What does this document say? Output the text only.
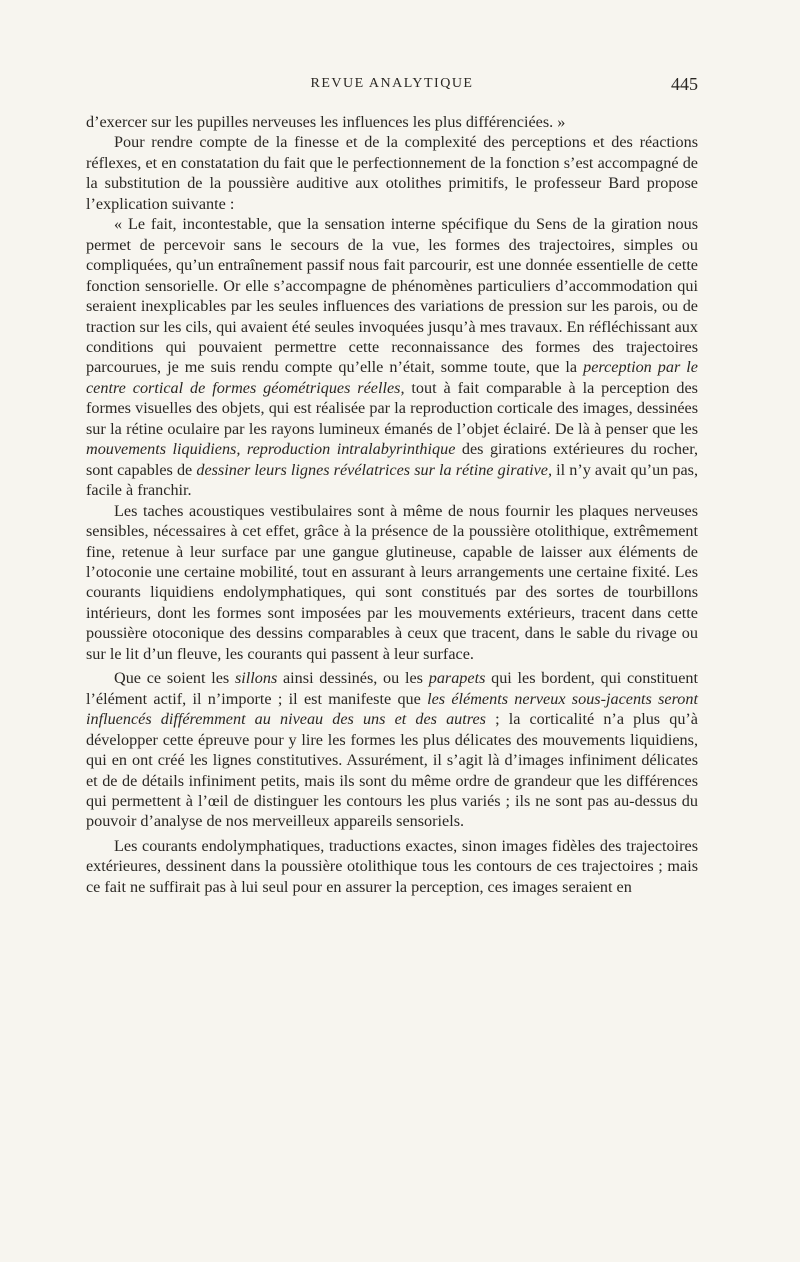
REVUE ANALYTIQUE	445

d’exercer sur les pupilles nerveuses les influences les plus différenciées. »

Pour rendre compte de la finesse et de la complexité des perceptions et des réactions réflexes, et en constatation du fait que le perfectionnement de la fonction s’est accompagné de la substitution de la poussière auditive aux otolithes primitifs, le professeur Bard propose l’explication suivante :

« Le fait, incontestable, que la sensation interne spécifique du Sens de la giration nous permet de percevoir sans le secours de la vue, les formes des trajectoires, simples ou compliquées, qu’un entraînement passif nous fait parcourir, est une donnée essentielle de cette fonction sensorielle. Or elle s’accompagne de phénomènes particuliers d’accommodation qui seraient inexplicables par les seules influences des variations de pression sur les parois, ou de traction sur les cils, qui avaient été seules invoquées jusqu’à mes travaux. En réfléchissant aux conditions qui pouvaient permettre cette reconnaissance des formes des trajectoires parcourues, je me suis rendu compte qu’elle n’était, somme toute, que la perception par le centre cortical de formes géométriques réelles, tout à fait comparable à la perception des formes visuelles des objets, qui est réalisée par la reproduction corticale des images, dessinées sur la rétine oculaire par les rayons lumineux émanés de l’objet éclairé. De là à penser que les mouvements liquidiens, reproduction intralabyrinthique des girations extérieures du rocher, sont capables de dessiner leurs lignes révélatrices sur la rétine girative, il n’y avait qu’un pas, facile à franchir.

Les taches acoustiques vestibulaires sont à même de nous fournir les plaques nerveuses sensibles, nécessaires à cet effet, grâce à la présence de la poussière otolithique, extrêmement fine, retenue à leur surface par une gangue glutineuse, capable de laisser aux éléments de l’otoconie une certaine mobilité, tout en assurant à leurs arrangements une certaine fixité. Les courants liquidiens endolymphatiques, qui sont constitués par des sortes de tourbillons intérieurs, dont les formes sont imposées par les mouvements extérieurs, tracent dans cette poussière otoconique des dessins comparables à ceux que tracent, dans le sable du rivage ou sur le lit d’un fleuve, les courants qui passent à leur surface.

Que ce soient les sillons ainsi dessinés, ou les parapets qui les bordent, qui constituent l’élément actif, il n’importe ; il est manifeste que les éléments nerveux sous-jacents seront influencés différemment au niveau des uns et des autres ; la corticalité n’a plus qu’à développer cette épreuve pour y lire les formes les plus délicates des mouvements liquidiens, qui en ont créé les lignes constitutives. Assurément, il s’agit là d’images infiniment délicates et de de détails infiniment petits, mais ils sont du même ordre de grandeur que les différences qui permettent à l’œil de distinguer les contours les plus variés ; ils ne sont pas au-dessus du pouvoir d’analyse de nos merveilleux appareils sensoriels.

Les courants endolymphatiques, traductions exactes, sinon images fidèles des trajectoires extérieures, dessinent dans la poussière otolithique tous les contours de ces trajectoires ; mais ce fait ne suffirait pas à lui seul pour en assurer la perception, ces images seraient en
